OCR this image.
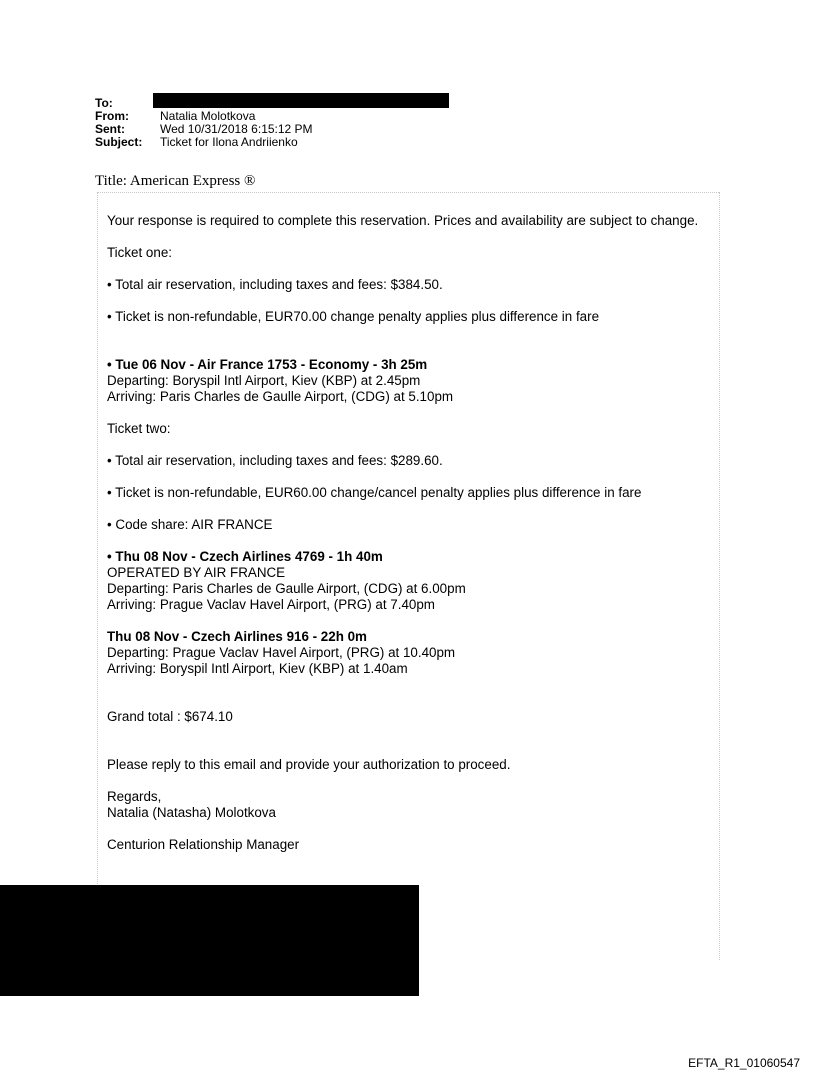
To:
From:	Natalia Molotkova
Sent:	Wed 10/31/2018 6:15:12 PM
Subject:	Ticket for Ilona Andriienko
Title: American Express ®

Your response is required to complete this reservation. Prices and availability are subject to change.

Ticket one:

• Total air reservation, including taxes and fees: $384.50.

• Ticket is non-refundable, EUR70.00 change penalty applies plus difference in fare

• Tue 06 Nov - Air France 1753 - Economy - 3h 25m

Departing: Boryspil Intl Airport, Kiev (KBP) at 2.45pm

Arriving: Paris Charles de Gaulle Airport, (CDG) at 5.10pm

Ticket two:

• Total air reservation, including taxes and fees: $289.60.

• Ticket is non-refundable, EUR60.00 change/cancel penalty applies plus difference in fare

• Code share: AIR FRANCE

• Thu 08 Nov - Czech Airlines 4769 - 1h 40m

OPERATED BY AIR FRANCE

Departing: Paris Charles de Gaulle Airport, (CDG) at 6.00pm

Arriving: Prague Vaclav Havel Airport, (PRG) at 7.40pm

Thu 08 Nov - Czech Airlines 916 - 22h 0m

Departing: Prague Vaclav Havel Airport, (PRG) at 10.40pm

Arriving: Boryspil Intl Airport, Kiev (KBP) at 1.40am

Grand total : $674.10

Please reply to this email and provide your authorization to proceed.

Regards,

Natalia (Natasha) Molotkova

Centurion Relationship Manager

EFTA_R1_01060547
